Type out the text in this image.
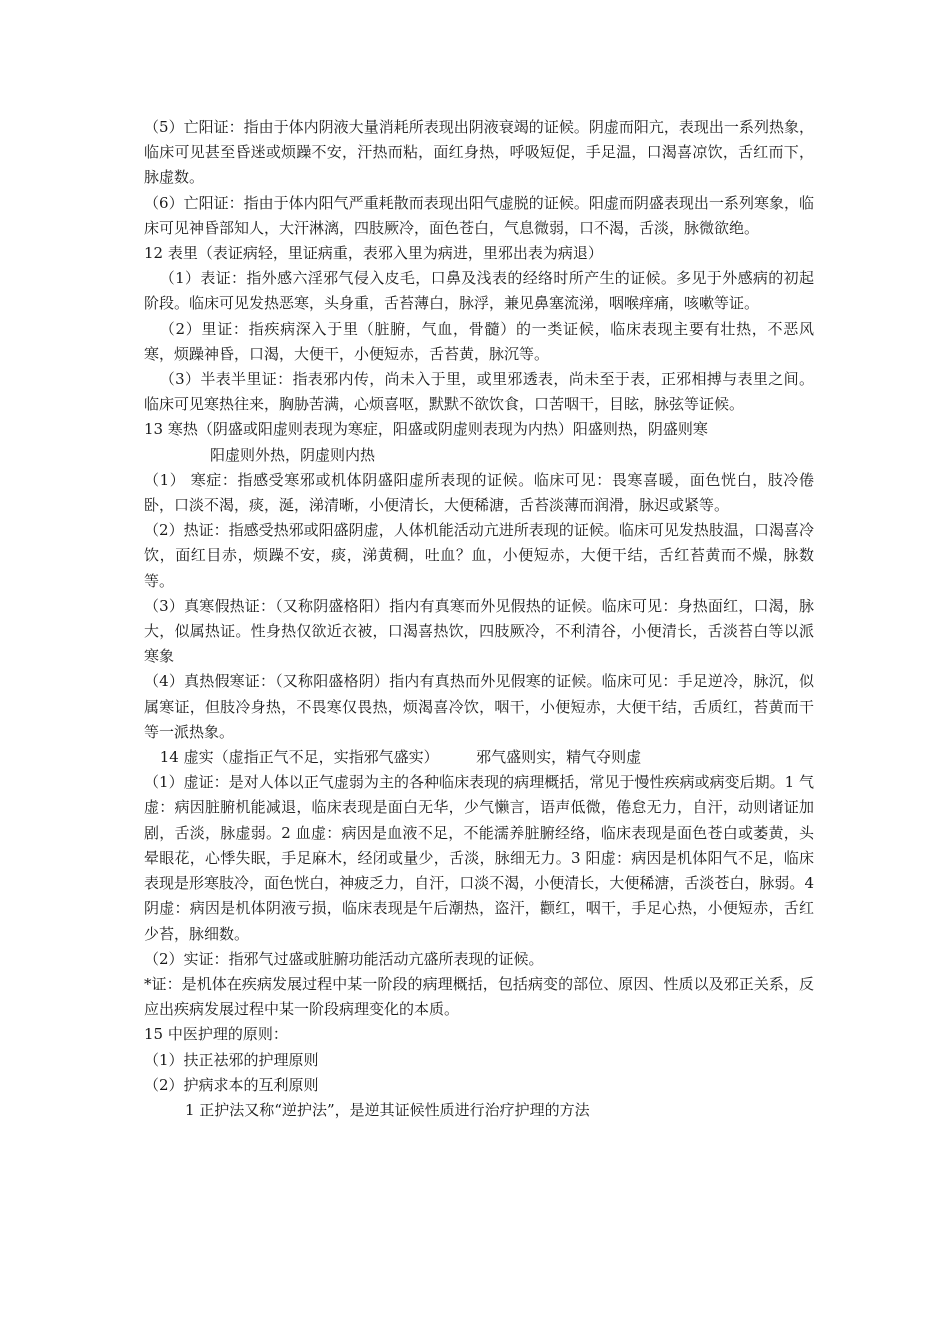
（5）亡阳证：指由于体内阴液大量消耗所表现出阴液衰竭的证候。阴虚而阳亢，表现出一系列热象，临床可见甚至昏迷或烦躁不安，汗热而粘，面红身热，呼吸短促，手足温，口渴喜凉饮，舌红而下，脉虚数。

（6）亡阳证：指由于体内阳气严重耗散而表现出阳气虚脱的证候。阳虚而阴盛表现出一系列寒象，临床可见神昏部知人，大汗淋漓，四肢厥冷，面色苍白，气息微弱，口不渴，舌淡，脉微欲绝。

12 表里（表证病轻，里证病重，表邪入里为病进，里邪出表为病退）

（1）表证：指外感六淫邪气侵入皮毛，口鼻及浅表的经络时所产生的证候。多见于外感病的初起阶段。临床可见发热恶寒，头身重，舌苔薄白，脉浮，兼见鼻塞流涕，咽喉痒痛，咳嗽等证。

（2）里证：指疾病深入于里（脏腑，气血，骨髓）的一类证候，临床表现主要有壮热，不恶风寒，烦躁神昏，口渴，大便干，小便短赤，舌苔黄，脉沉等。

（3）半表半里证：指表邪内传，尚未入于里，或里邪透表，尚未至于表，正邪相搏与表里之间。临床可见寒热往来，胸胁苦满，心烦喜呕，默默不欲饮食，口苦咽干，目眩，脉弦等证候。

13 寒热（阴盛或阳虚则表现为寒症，阳盛或阴虚则表现为内热）阳盛则热，阴盛则寒

阳虚则外热，阴虚则内热

（1） 寒症：指感受寒邪或机体阴盛阳虚所表现的证候。临床可见：畏寒喜暖，面色恍白，肢冷倦卧，口淡不渴，痰，涎，涕清晰，小便清长，大便稀溏，舌苔淡薄而润滑，脉迟或紧等。

（2）热证：指感受热邪或阳盛阴虚，人体机能活动亢进所表现的证候。临床可见发热肢温，口渴喜冷饮，面红目赤，烦躁不安，痰，涕黄稠，吐血？血，小便短赤，大便干结，舌红苔黄而不燥，脉数等。

（3）真寒假热证：（又称阴盛格阳）指内有真寒而外见假热的证候。临床可见：身热面红，口渴，脉大，似属热证。性身热仅欲近衣被，口渴喜热饮，四肢厥冷，不利清谷，小便清长，舌淡苔白等以派寒象

（4）真热假寒证：（又称阳盛格阴）指内有真热而外见假寒的证候。临床可见：手足逆冷，脉沉，似属寒证，但肢冷身热，不畏寒仅畏热，烦渴喜冷饮，咽干，小便短赤，大便干结，舌质红，苔黄而干等一派热象。

14 虚实（虚指正气不足，实指邪气盛实）　　　邪气盛则实，精气夺则虚

（1）虚证：是对人体以正气虚弱为主的各种临床表现的病理概括，常见于慢性疾病或病变后期。1 气虚：病因脏腑机能减退，临床表现是面白无华，少气懒言，语声低微，倦怠无力，自汗，动则诸证加剧，舌淡，脉虚弱。2 血虚：病因是血液不足，不能濡养脏腑经络，临床表现是面色苍白或萎黄，头晕眼花，心悸失眠，手足麻木，经闭或量少，舌淡，脉细无力。3 阳虚：病因是机体阳气不足，临床表现是形寒肢冷，面色恍白，神疲乏力，自汗，口淡不渴，小便清长，大便稀溏，舌淡苍白，脉弱。4 阴虚：病因是机体阴液亏损，临床表现是午后潮热，盗汗，颧红，咽干，手足心热，小便短赤，舌红少苔，脉细数。

（2）实证：指邪气过盛或脏腑功能活动亢盛所表现的证候。

*证：是机体在疾病发展过程中某一阶段的病理概括，包括病变的部位、原因、性质以及邪正关系，反应出疾病发展过程中某一阶段病理变化的本质。

15 中医护理的原则：

（1）扶正祛邪的护理原则

（2）护病求本的互利原则

1 正护法又称“逆护法”，是逆其证候性质进行治疗护理的方法
